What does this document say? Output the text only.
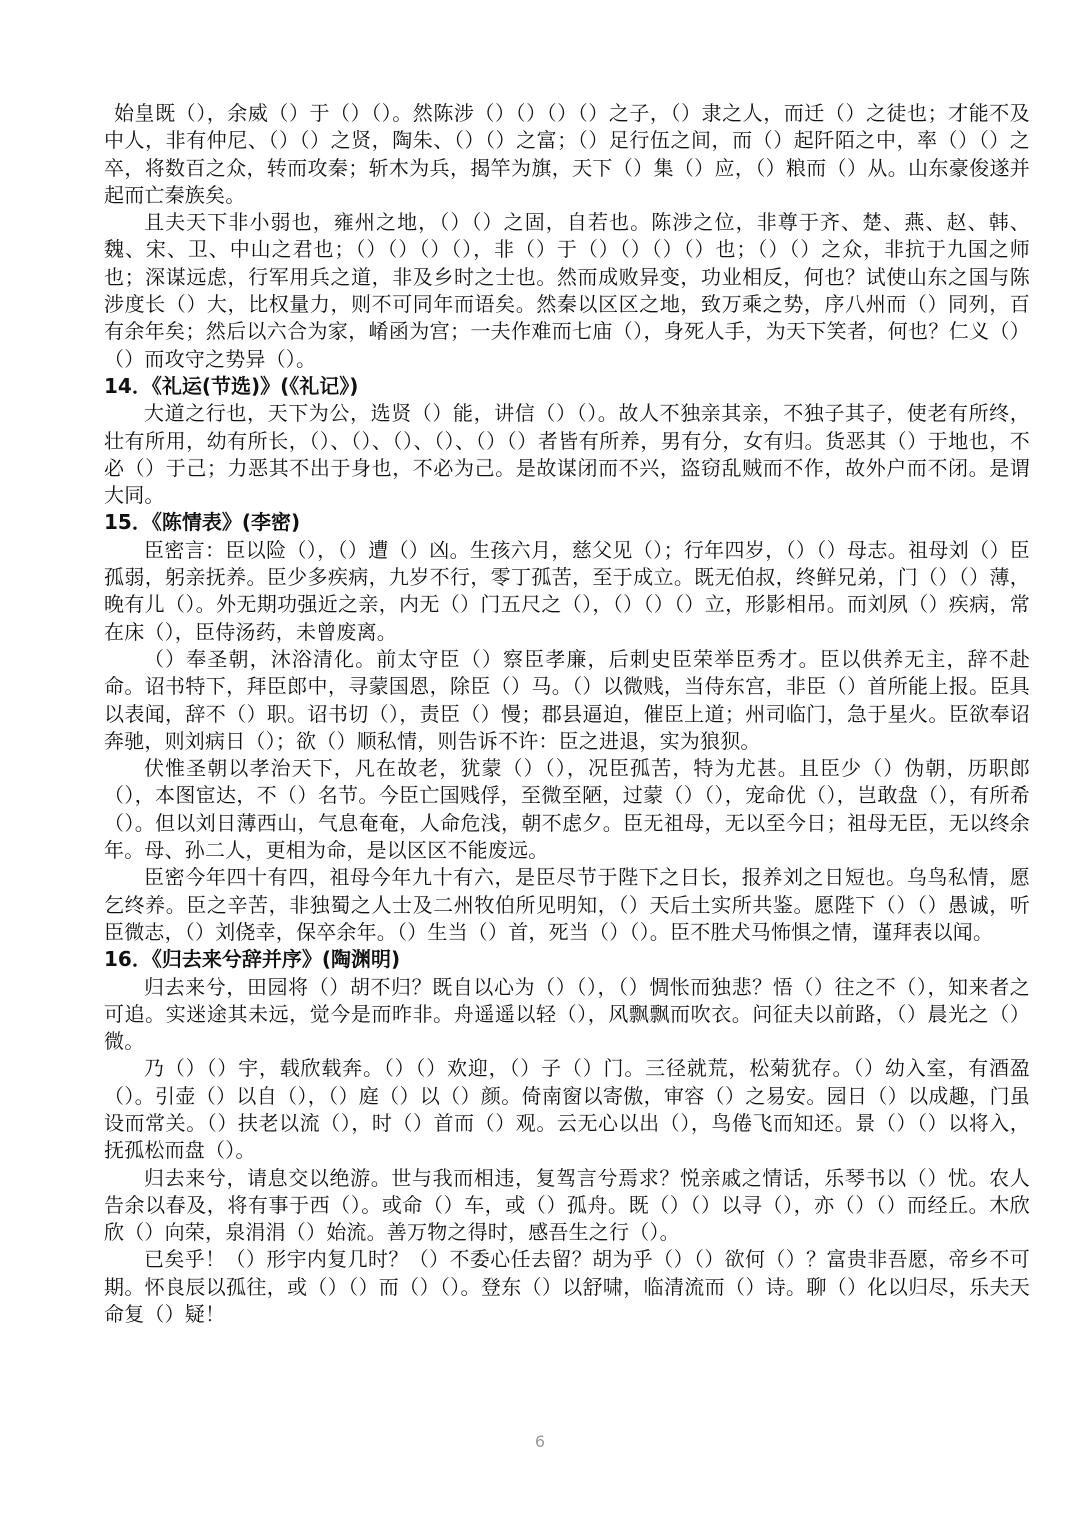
始皇既（），余威（）于（）（）。然陈涉（）（）（）（）之子，（）隶之人，而迁（）之徒也；才能不及中人，非有仲尼、（）（）之贤，陶朱、（）（）之富；（）足行伍之间，而（）起阡陌之中，率（）（）之卒，将数百之众，转而攻秦；斩木为兵，揭竿为旗，天下（）集（）应，（）粮而（）从。山东豪俊遂并起而亡秦族矣。

且夫天下非小弱也，雍州之地，（）（）之固，自若也。陈涉之位，非尊于齐、楚、燕、赵、韩、魏、宋、卫、中山之君也；（）（）（）（），非（）于（）（）（）（）也；（）（）之众，非抗于九国之师也；深谋远虑，行军用兵之道，非及乡时之士也。然而成败异变，功业相反，何也？试使山东之国与陈涉度长（）大，比权量力，则不可同年而语矣。然秦以区区之地，致万乘之势，序八州而（）同列，百有余年矣；然后以六合为家，崤函为宫；一夫作难而七庙（），身死人手，为天下笑者，何也？仁义（）（）而攻守之势异（）。

14．《礼运(节选)》(《礼记》)

大道之行也，天下为公，选贤（）能，讲信（）（）。故人不独亲其亲，不独子其子，使老有所终，壮有所用，幼有所长，（）、（）、（）、（）、（）（）者皆有所养，男有分，女有归。货恶其（）于地也，不必（）于己；力恶其不出于身也，不必为己。是故谋闭而不兴，盗窃乱贼而不作，故外户而不闭。是谓大同。

15．《陈情表》(李密)

臣密言：臣以险（），（）遭（）凶。生孩六月，慈父见（）；行年四岁，（）（）母志。祖母刘（）臣孤弱，躬亲抚养。臣少多疾病，九岁不行，零丁孤苦，至于成立。既无伯叔，终鲜兄弟，门（）（）薄，晚有儿（）。外无期功强近之亲，内无（）门五尺之（），（）（）（）立，形影相吊。而刘夙（）疾病，常在床（），臣侍汤药，未曾废离。

（）奉圣朝，沐浴清化。前太守臣（）察臣孝廉，后刺史臣荣举臣秀才。臣以供养无主，辞不赴命。诏书特下，拜臣郎中，寻蒙国恩，除臣（）马。（）以微贱，当侍东宫，非臣（）首所能上报。臣具以表闻，辞不（）职。诏书切（），责臣（）慢；郡县逼迫，催臣上道；州司临门，急于星火。臣欲奉诏奔驰，则刘病日（）；欲（）顺私情，则告诉不许：臣之进退，实为狼狈。

伏惟圣朝以孝治天下，凡在故老，犹蒙（）（），况臣孤苦，特为尤甚。且臣少（）伪朝，历职郎（），本图宦达，不（）名节。今臣亡国贱俘，至微至陋，过蒙（）（），宠命优（），岂敢盘（），有所希（）。但以刘日薄西山，气息奄奄，人命危浅，朝不虑夕。臣无祖母，无以至今日；祖母无臣，无以终余年。母、孙二人，更相为命，是以区区不能废远。

臣密今年四十有四，祖母今年九十有六，是臣尽节于陛下之日长，报养刘之日短也。乌鸟私情，愿乞终养。臣之辛苦，非独蜀之人士及二州牧伯所见明知，（）天后土实所共鉴。愿陛下（）（）愚诚，听臣微志，（）刘侥幸，保卒余年。（）生当（）首，死当（）（）。臣不胜犬马怖惧之情，谨拜表以闻。

16．《归去来兮辞并序》(陶渊明)

归去来兮，田园将（）胡不归？既自以心为（）（），（）惆怅而独悲？悟（）往之不（），知来者之可追。实迷途其未远，觉今是而昨非。舟遥遥以轻（），风飘飘而吹衣。问征夫以前路，（）晨光之（）微。

乃（）（）宇，载欣载奔。（）（）欢迎，（）子（）门。三径就荒，松菊犹存。（）幼入室，有酒盈（）。引壶（）以自（），（）庭（）以（）颜。倚南窗以寄傲，审容（）之易安。园日（）以成趣，门虽设而常关。（）扶老以流（），时（）首而（）观。云无心以出（），鸟倦飞而知还。景（）（）以将入，抚孤松而盘（）。

归去来兮，请息交以绝游。世与我而相违，复驾言兮焉求？悦亲戚之情话，乐琴书以（）忧。农人告余以春及，将有事于西（）。或命（）车，或（）孤舟。既（）（）以寻（），亦（）（）而经丘。木欣欣（）向荣，泉涓涓（）始流。善万物之得时，感吾生之行（）。

已矣乎！（）形宇内复几时？（）不委心任去留？胡为乎（）（）欲何（）？富贵非吾愿，帝乡不可期。怀良辰以孤往，或（）（）而（）（）。登东（）以舒啸，临清流而（）诗。聊（）化以归尽，乐夫天命复（）疑！

6
